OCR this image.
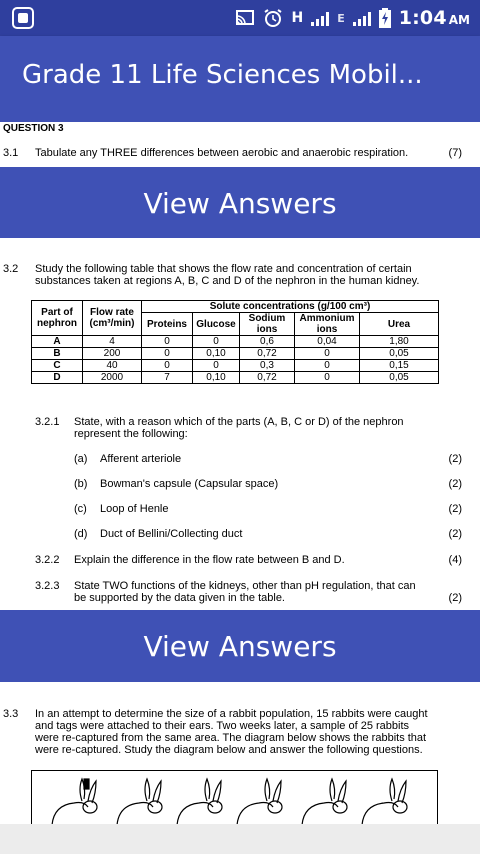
H	E	1:04 AM
Grade 11 Life Sciences Mobil...
QUESTION 3
3.1 Tabulate any THREE differences between aerobic and anaerobic respiration.	(7)
View Answers
3.2 Study the following table that shows the flow rate and concentration of certain
substances taken at regions A, B, C and D of the nephron in the human kidney.
Part of nephron	Flow rate (cm³/min)	Solute concentrations (g/100 cm³)				
		Proteins	Glucose	Sodium ions	Ammonium ions	Urea
A	4	0	0	0,6	0,04	1,80
B	200	0	0,10	0,72	0	0,05
C	40	0	0	0,3	0	0,15
D	2000	7	0,10	0,72	0	0,05
3.2.1 State, with a reason which of the parts (A, B, C or D) of the nephron
represent the following:
(a) Afferent arteriole	(2)
(b) Bowman's capsule (Capsular space)	(2)
(c) Loop of Henle	(2)
(d) Duct of Bellini/Collecting duct	(2)
3.2.2 Explain the difference in the flow rate between B and D.	(4)
3.2.3 State TWO functions of the kidneys, other than pH regulation, that can
be supported by the data given in the table.	(2)
View Answers
3.3 In an attempt to determine the size of a rabbit population, 15 rabbits were caught
and tags were attached to their ears. Two weeks later, a sample of 25 rabbits
were re-captured from the same area. The diagram below shows the rabbits that
were re-captured. Study the diagram below and answer the following questions.
